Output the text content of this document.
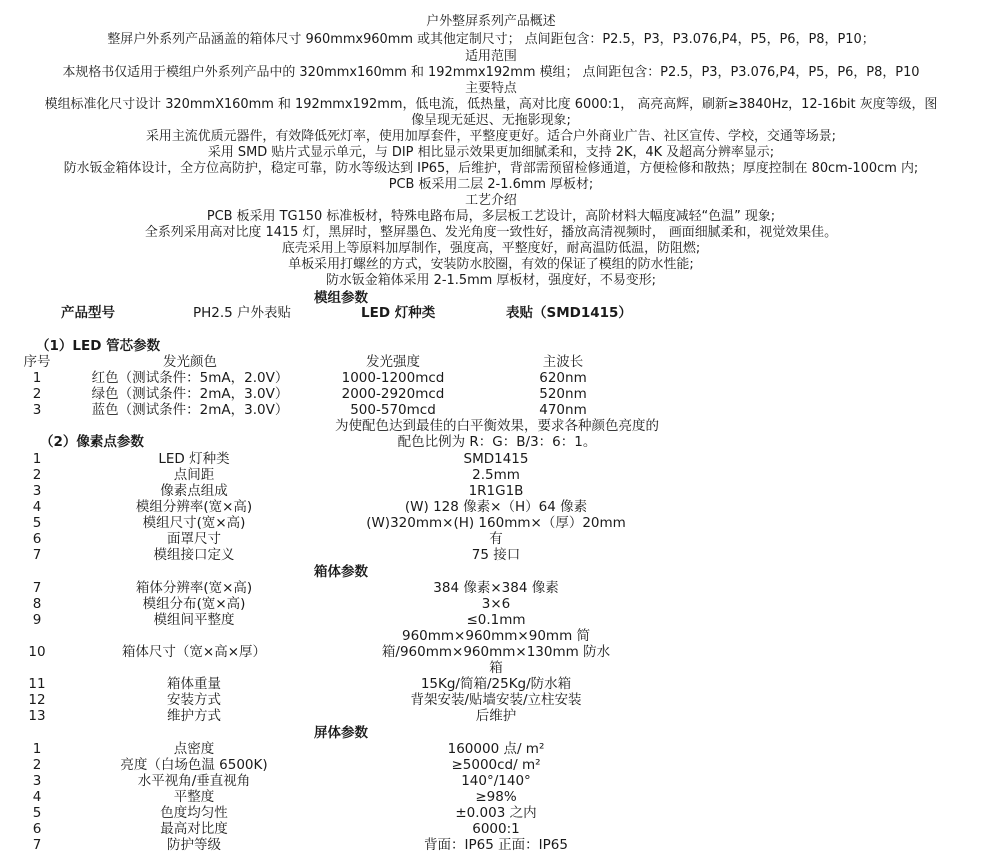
户外整屏系列产品概述
整屏户外系列产品涵盖的箱体尺寸 960mmx960mm 或其他定制尺寸； 点间距包含：P2.5，P3，P3.076,P4，P5，P6，P8，P10；
适用范围
本规格书仅适用于模组户外系列产品中的 320mmx160mm 和 192mmx192mm 模组； 点间距包含：P2.5，P3，P3.076,P4，P5，P6，P8，P10
主要特点
模组标准化尺寸设计 320mmX160mm 和 192mmx192mm，低电流，低热量，高对比度 6000:1， 高亮高辉，刷新≥3840Hz，12-16bit 灰度等级，图
像呈现无延迟、无拖影现象;
采用主流优质元器件，有效降低死灯率，使用加厚套件，平整度更好。适合户外商业广告、社区宣传、学校，交通等场景;
采用 SMD 贴片式显示单元，与 DIP 相比显示效果更加细腻柔和，支持 2K，4K 及超高分辨率显示;
防水钣金箱体设计，全方位高防护，稳定可靠，防水等级达到 IP65，后维护，背部需预留检修通道，方便检修和散热；厚度控制在 80cm-100cm 内;
PCB 板采用二层 2-1.6mm 厚板材;
工艺介绍
PCB 板采用 TG150 标准板材，特殊电路布局，多层板工艺设计，高阶材料大幅度减轻“色温” 现象;
全系列采用高对比度 1415 灯，黑屏时，整屏墨色、发光角度一致性好，播放高清视频时， 画面细腻柔和，视觉效果佳。
底壳采用上等原料加厚制作，强度高，平整度好，耐高温防低温，防阻燃;
单板采用打螺丝的方式，安装防水胶圈，有效的保证了模组的防水性能;
防水钣金箱体采用 2-1.5mm 厚板材，强度好，不易变形;
模组参数
产品型号	PH2.5 户外表贴	LED 灯种类	表贴（SMD1415）
（1）LED 管芯参数
序号	发光颜色	发光强度	主波长
1	红色（测试条件：5mA，2.0V）	1000-1200mcd	620nm
2	绿色（测试条件：2mA，3.0V）	2000-2920mcd	520nm
3	蓝色（测试条件：2mA，3.0V）	500-570mcd	470nm
为使配色达到最佳的白平衡效果，要求各种颜色亮度的
配色比例为 R：G：B/3：6：1。
（2）像素点参数
1	LED 灯种类	SMD1415
2	点间距	2.5mm
3	像素点组成	1R1G1B
4	模组分辨率(宽×高)	(W) 128 像素×（H）64 像素
5	模组尺寸(宽×高)	(W)320mm×(H) 160mm×（厚）20mm
6	面罩尺寸	有
7	模组接口定义	75 接口
箱体参数
7	箱体分辨率(宽×高)	384 像素×384 像素
8	模组分布(宽×高)	3×6
9	模组间平整度	≤0.1mm
960mm×960mm×90mm 简
10	箱体尺寸（宽×高×厚）	箱/960mm×960mm×130mm 防水
箱
11	箱体重量	15Kg/简箱/25Kg/防水箱
12	安装方式	背架安装/贴墙安装/立柱安装
13	维护方式	后维护
屏体参数
1	点密度	160000 点/ m²
2	亮度（白场色温 6500K)	≥5000cd/ m²
3	水平视角/垂直视角	140°/140°
4	平整度	≥98%
5	色度均匀性	±0.003 之内
6	最高对比度	6000:1
7	防护等级	背面：IP65 正面：IP65
